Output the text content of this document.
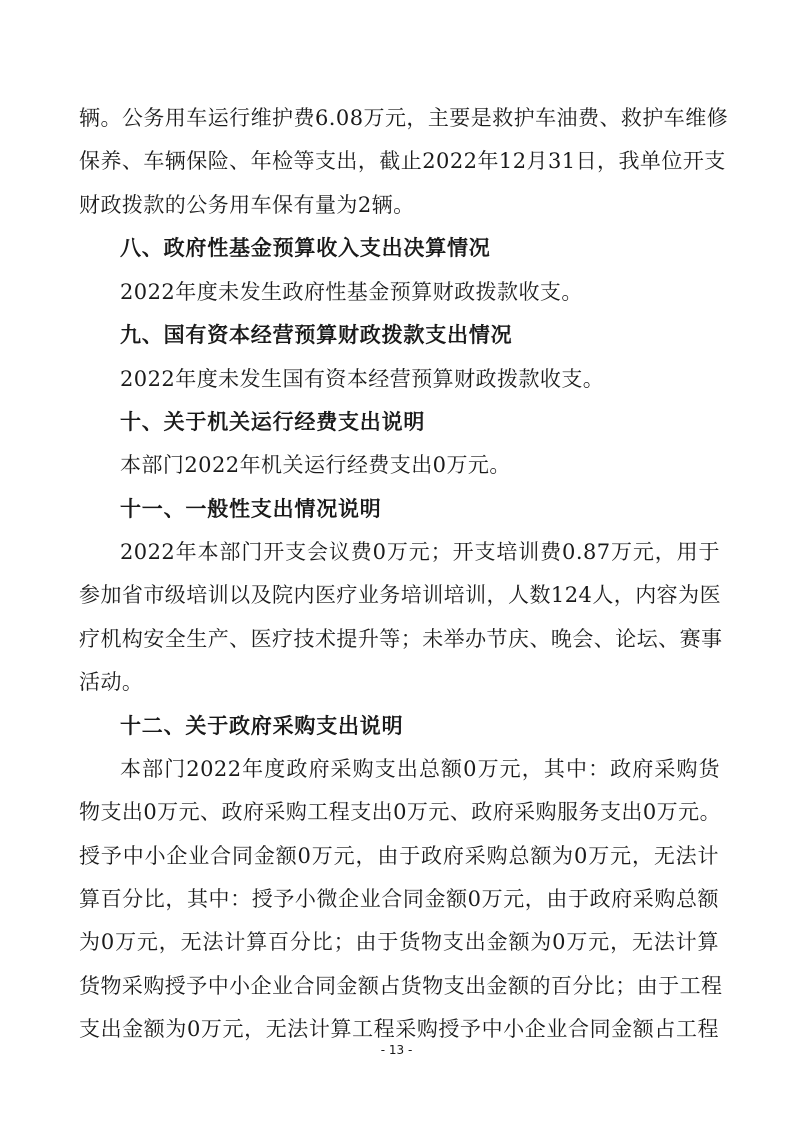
辆。公务用车运行维护费6.08万元，主要是救护车油费、救护车维修
保养、车辆保险、年检等支出，截止2022年12月31日，我单位开支
财政拨款的公务用车保有量为2辆。
八、政府性基金预算收入支出决算情况
2022年度未发生政府性基金预算财政拨款收支。
九、国有资本经营预算财政拨款支出情况
2022年度未发生国有资本经营预算财政拨款收支。
十、关于机关运行经费支出说明
本部门2022年机关运行经费支出0万元。
十一、一般性支出情况说明
2022年本部门开支会议费0万元；开支培训费0.87万元，用于
参加省市级培训以及院内医疗业务培训培训，人数124人，内容为医
疗机构安全生产、医疗技术提升等；未举办节庆、晚会、论坛、赛事
活动。
十二、关于政府采购支出说明
本部门2022年度政府采购支出总额0万元，其中：政府采购货
物支出0万元、政府采购工程支出0万元、政府采购服务支出0万元。
授予中小企业合同金额0万元，由于政府采购总额为0万元，无法计
算百分比，其中：授予小微企业合同金额0万元，由于政府采购总额
为0万元，无法计算百分比；由于货物支出金额为0万元，无法计算
货物采购授予中小企业合同金额占货物支出金额的百分比；由于工程
支出金额为0万元，无法计算工程采购授予中小企业合同金额占工程
- 13 -
